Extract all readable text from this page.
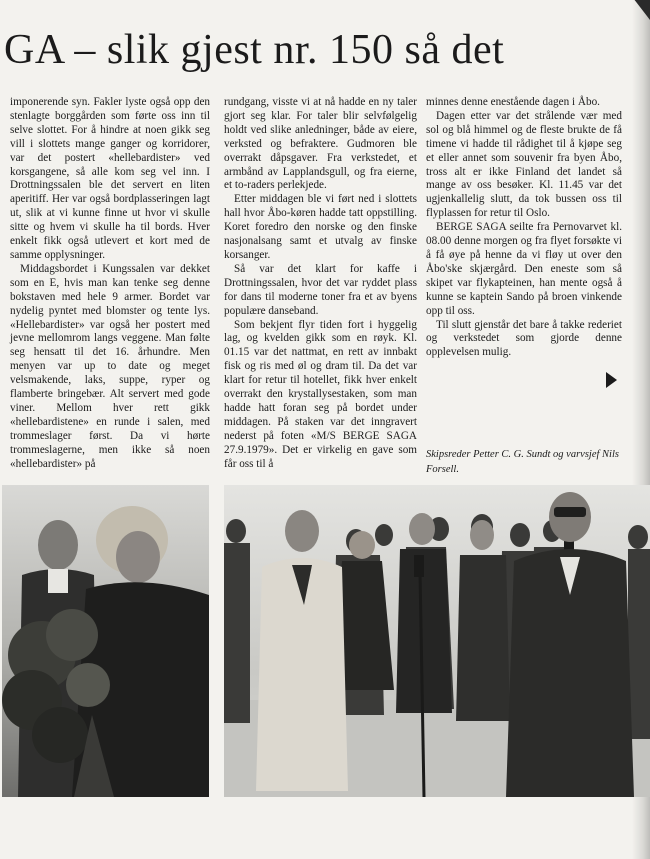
GA – slik gjest nr. 150 så det

imponerende syn. Fakler lyste også opp den stenlagte borggården som førte oss inn til selve slottet. For å hindre at noen gikk seg vill i slottets mange ganger og korridorer, var det postert «hellebardister» ved korsgangene, så alle kom seg vel inn. I Drottningssalen ble det servert en liten aperitiff. Her var også bordplasseringen lagt ut, slik at vi kunne finne ut hvor vi skulle sitte og hvem vi skulle ha til bords. Hver enkelt fikk også utlevert et kort med de samme opplysninger.

Middagsbordet i Kungssalen var dekket som en E, hvis man kan tenke seg denne bokstaven med hele 9 armer. Bordet var nydelig pyntet med blomster og tente lys. «Hellebardister» var også her postert med jevne mellomrom langs veggene. Man følte seg hensatt til det 16. århundre. Men menyen var up to date og meget velsmakende, laks, suppe, ryper og flamberte bringebær. Alt servert med gode viner. Mellom hver rett gikk «hellebardistene» en runde i salen, med trommeslager først. Da vi hørte trommeslagerne, men ikke så noen «hellebardister» på

rundgang, visste vi at nå hadde en ny taler gjort seg klar. For taler blir selvfølgelig holdt ved slike anledninger, både av eiere, verksted og befraktere. Gudmoren ble overrakt dåpsgaver. Fra verkstedet, et armbånd av Lapplandsgull, og fra eierne, et to-raders perlekjede.

Etter middagen ble vi ført ned i slottets hall hvor Åbo-køren hadde tatt oppstilling. Koret foredro den norske og den finske nasjonalsang samt et utvalg av finske korsanger.

Så var det klart for kaffe i Drottningssalen, hvor det var ryddet plass for dans til moderne toner fra et av byens populære danseband.

Som bekjent flyr tiden fort i hyggelig lag, og kvelden gikk som en røyk. Kl. 01.15 var det nattmat, en rett av innbakt fisk og ris med øl og dram til. Da det var klart for retur til hotellet, fikk hver enkelt overrakt den krystallysestaken, som man hadde hatt foran seg på bordet under middagen. På staken var det inngravert nederst på foten «M/S BERGE SAGA 27.9.1979». Det er virkelig en gave som får oss til å

minnes denne enestående dagen i Åbo.

Dagen etter var det strålende vær med sol og blå himmel og de fleste brukte de få timene vi hadde til rådighet til å kjøpe seg et eller annet som souvenir fra byen Åbo, tross alt er ikke Finland det landet så mange av oss besøker. Kl. 11.45 var det ugjenkallelig slutt, da tok bussen oss til flyplassen for retur til Oslo.

BERGE SAGA seilte fra Pernovarvet kl. 08.00 denne morgen og fra flyet forsøkte vi å få øye på henne da vi fløy ut over den Åbo'ske skjærgård. Den eneste som så skipet var flykapteinen, han mente også å kunne se kaptein Sando på broen vinkende opp til oss.

Til slutt gjenstår det bare å takke rederiet og verkstedet som gjorde denne opplevelsen mulig.

Skipsreder Petter C. G. Sundt og varvsjef Nils Forsell.
